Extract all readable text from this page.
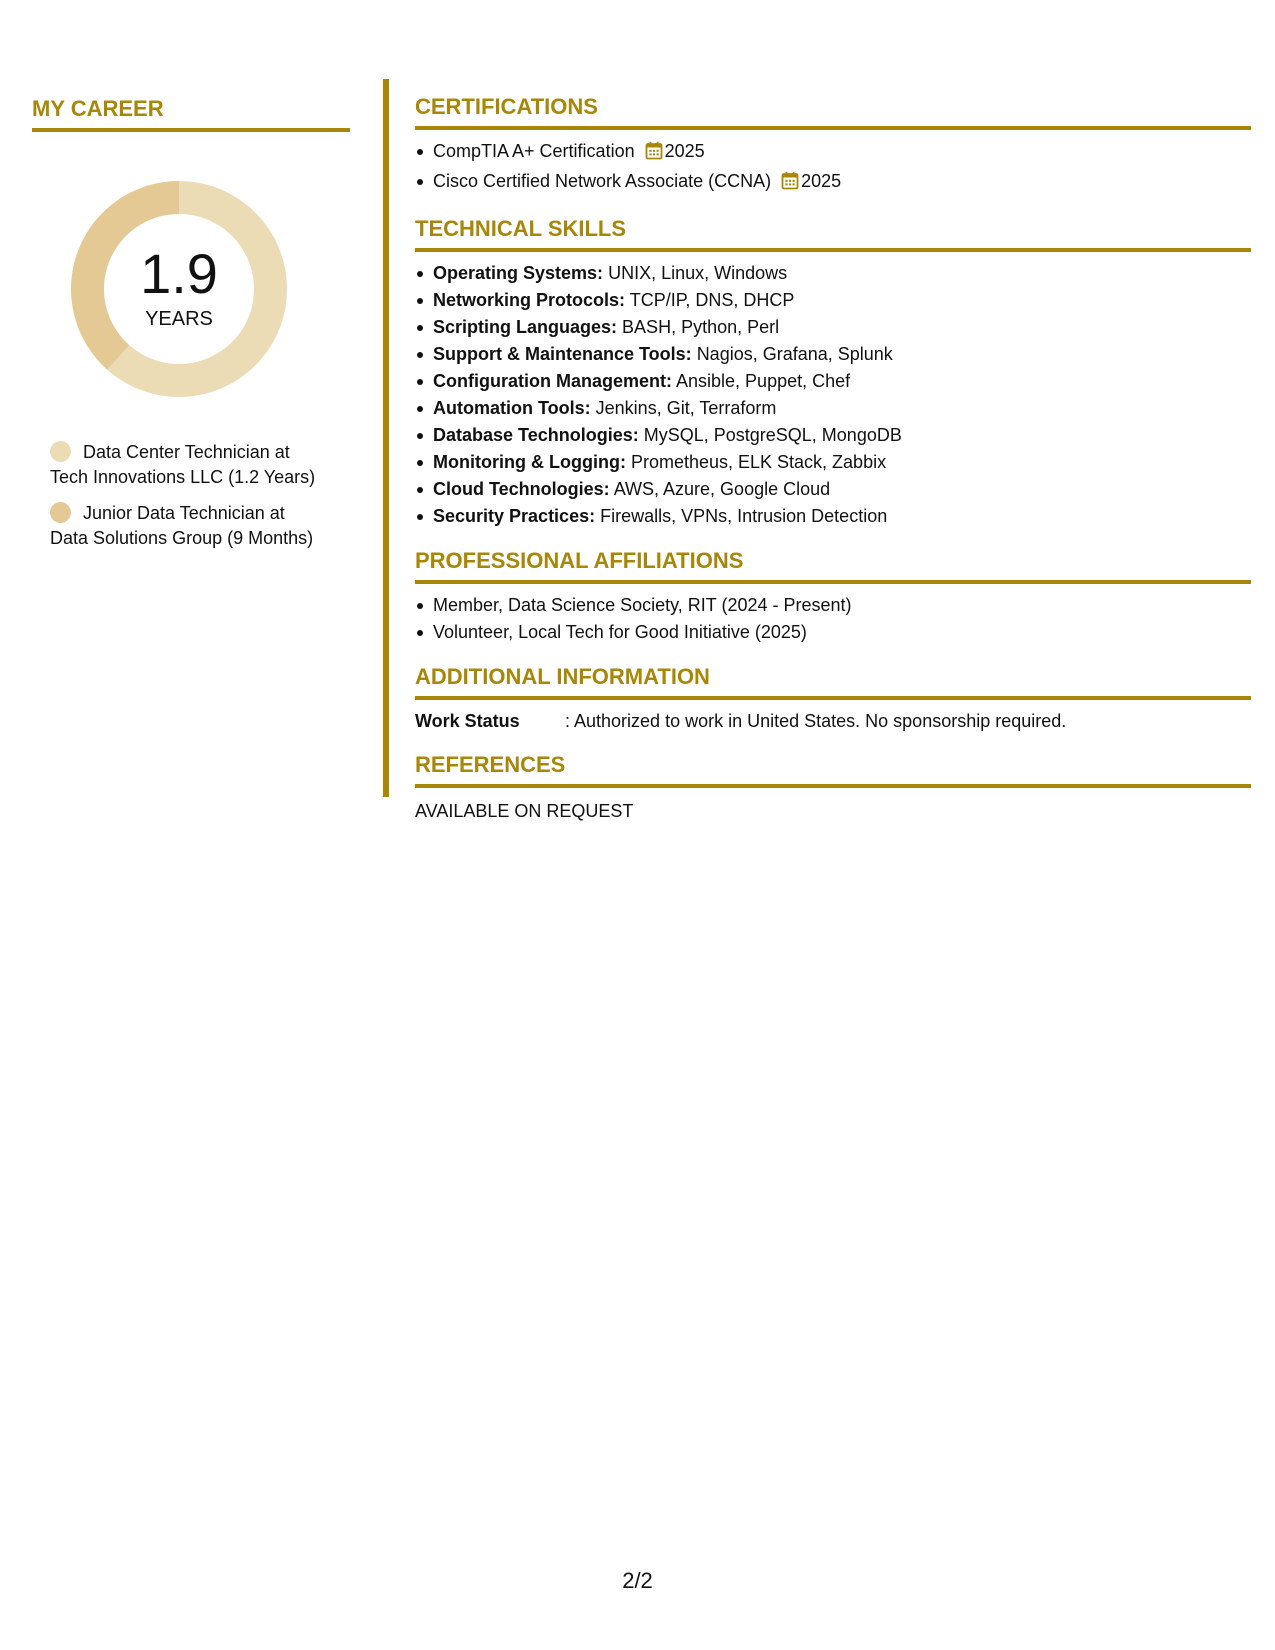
MY CAREER
1.9
YEARS
Data Center Technician at
Tech Innovations LLC (1.2 Years)
Junior Data Technician at
Data Solutions Group (9 Months)
CERTIFICATIONS
CompTIA A+ Certification 2025
Cisco Certified Network Associate (CCNA) 2025
TECHNICAL SKILLS
Operating Systems: UNIX, Linux, Windows
Networking Protocols: TCP/IP, DNS, DHCP
Scripting Languages: BASH, Python, Perl
Support & Maintenance Tools: Nagios, Grafana, Splunk
Configuration Management: Ansible, Puppet, Chef
Automation Tools: Jenkins, Git, Terraform
Database Technologies: MySQL, PostgreSQL, MongoDB
Monitoring & Logging: Prometheus, ELK Stack, Zabbix
Cloud Technologies: AWS, Azure, Google Cloud
Security Practices: Firewalls, VPNs, Intrusion Detection
PROFESSIONAL AFFILIATIONS
Member, Data Science Society, RIT (2024 - Present)
Volunteer, Local Tech for Good Initiative (2025)
ADDITIONAL INFORMATION
Work Status	: Authorized to work in United States. No sponsorship required.
REFERENCES
AVAILABLE ON REQUEST
2/2
